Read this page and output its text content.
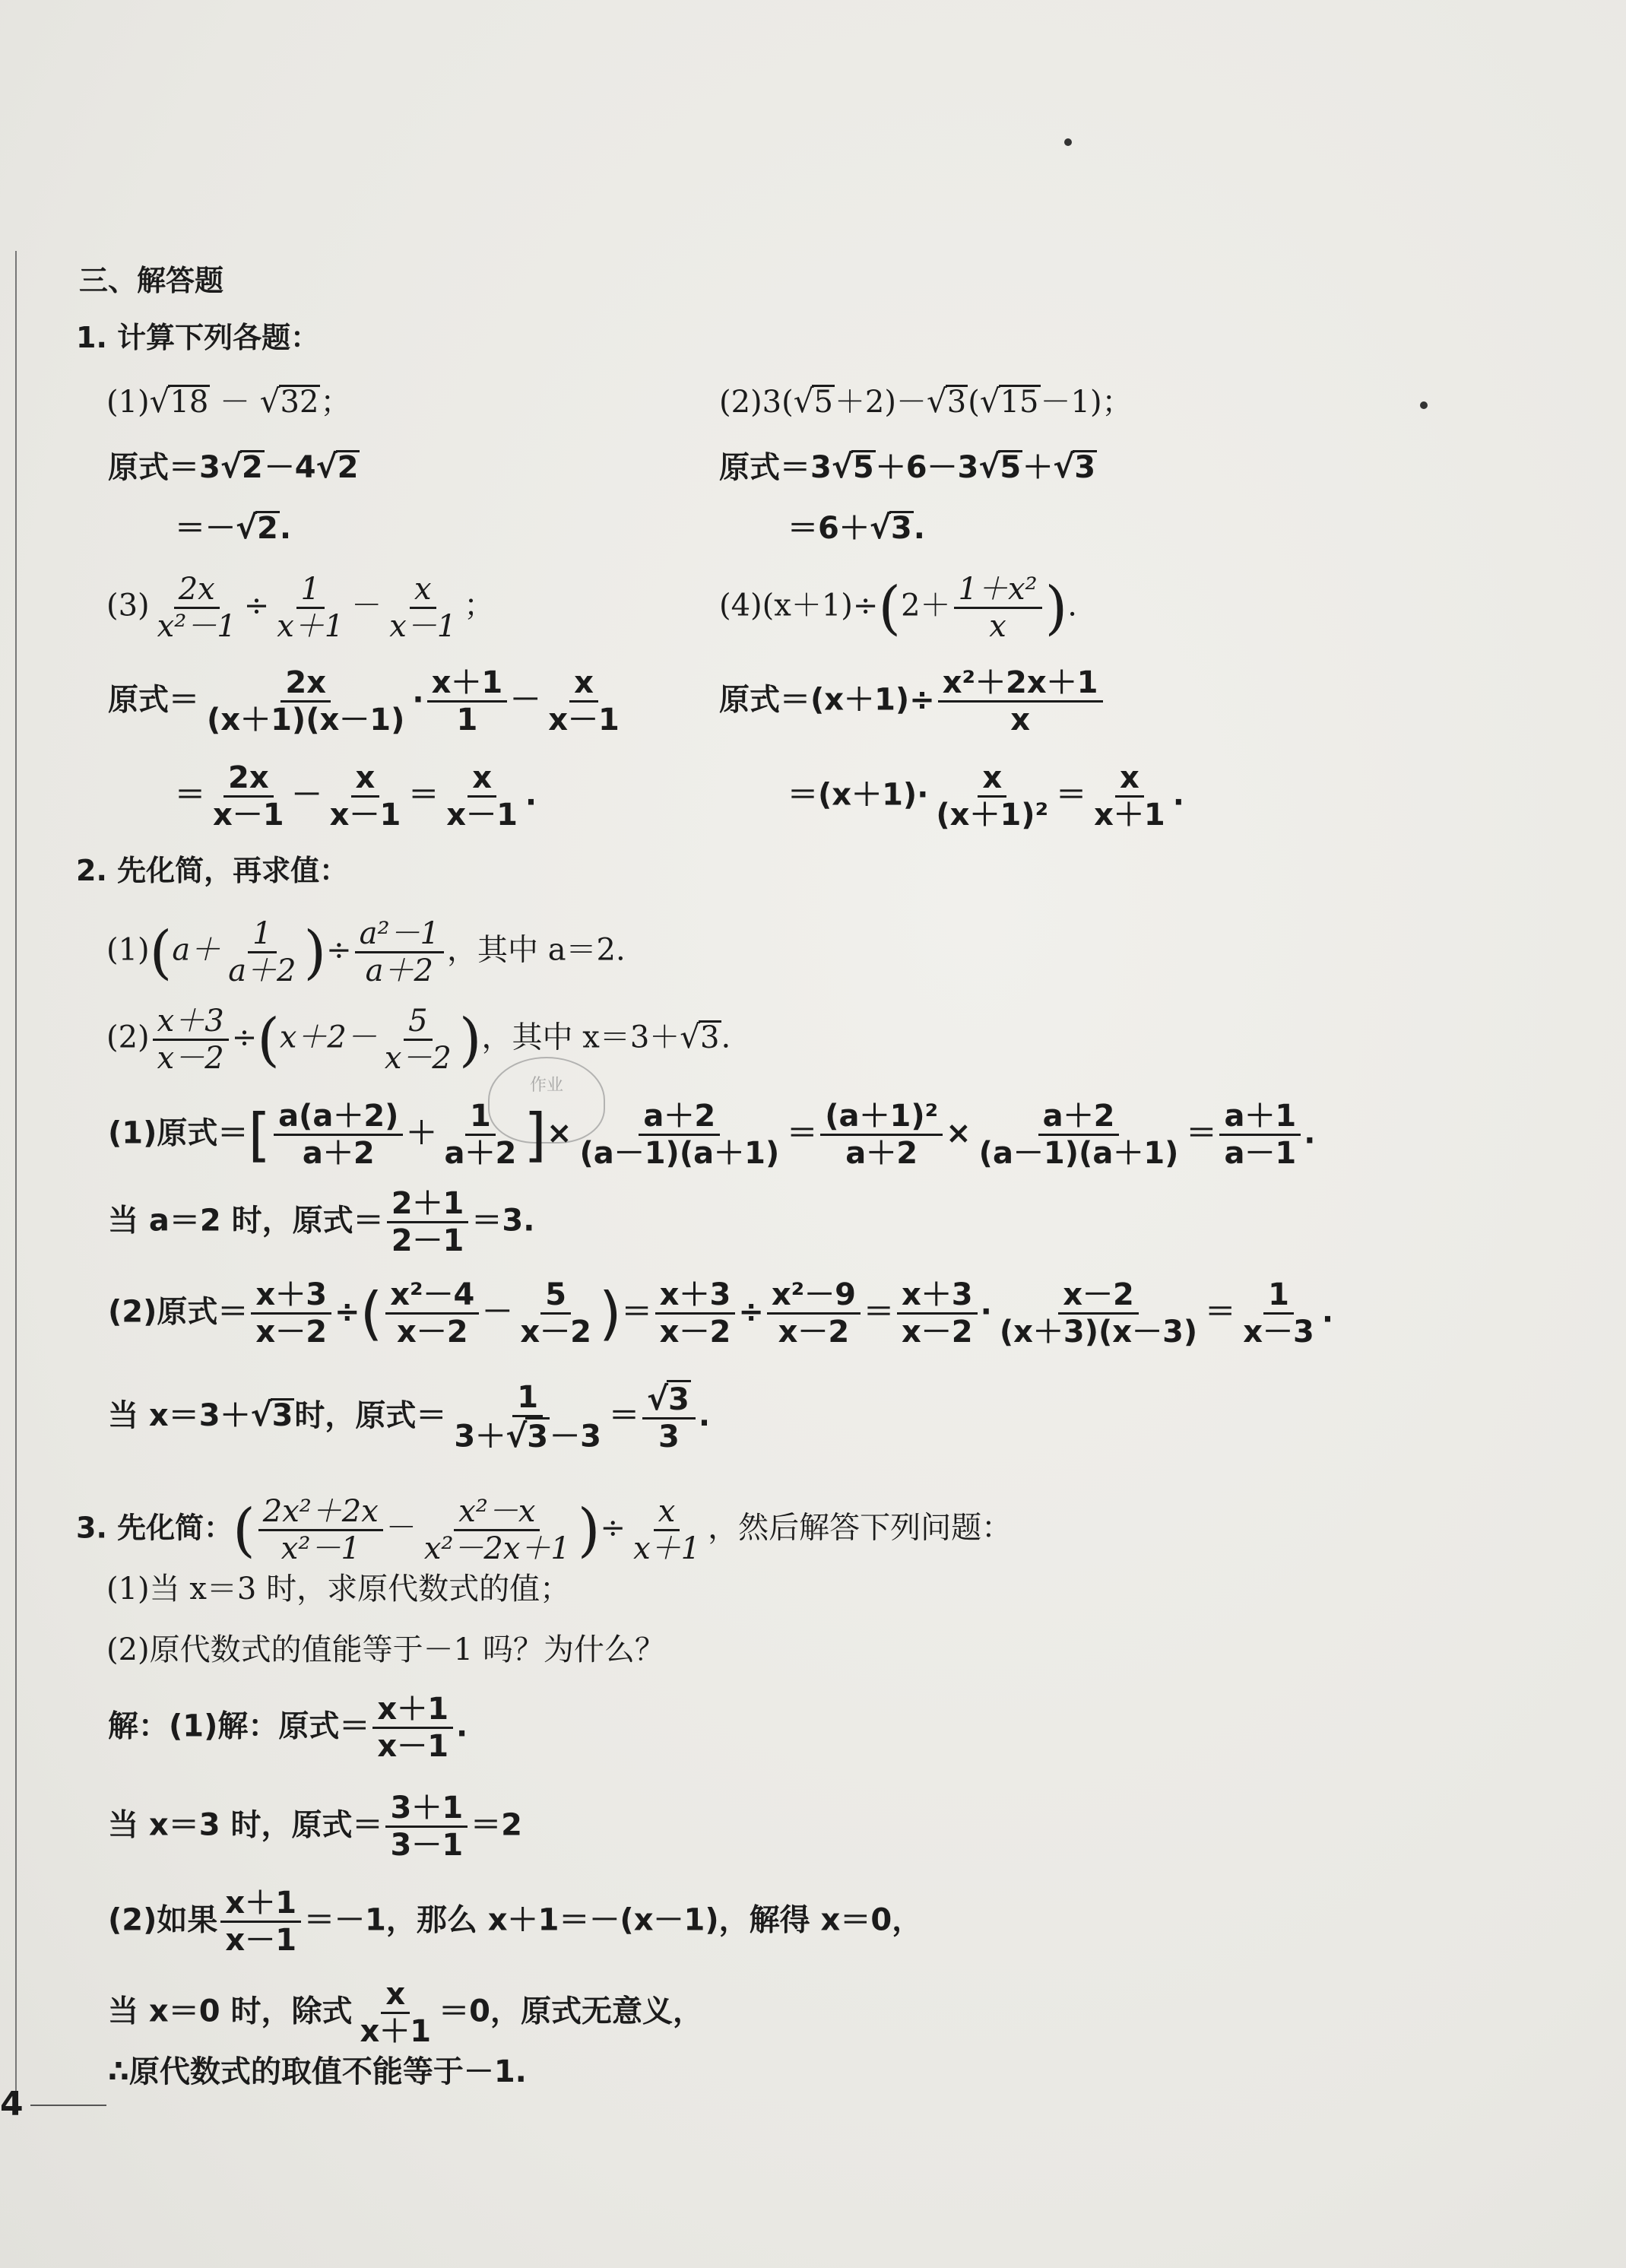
三、解答题
1. 计算下列各题：
(1) √ 18 － √ 32 ；
原式＝3 √ 2 －4 √ 2
＝－ √ 2 .
(2)3( √ 5 ＋2)－ √ 3 ( √ 15 －1)；
原式＝3 √ 5 ＋6－3 √ 5 ＋ √ 3
＝6＋ √ 3 .
$(3) \frac{2x}{\text{x²－1}} \div \frac{1}{x+1} - \frac{x}{x-1}$ ；
原式＝ $\frac{2x}{(x+1)(x-1)} \cdot \frac{x+1}{1} - \frac{x}{x-1}$
＝ $\frac{2x}{x-1} - \frac{x}{x-1} = \frac{x}{x-1}$ .
$(4)(x+1)\div(2+ \frac{\text{1＋x²}}{x}$ ).
原式$=(x+1)\div \frac{\text{x²＋2x＋1}}{x}$
$=(x+1)\cdot \frac{x}{\text{(x＋1)²}} = \frac{x}{x+1}$ .
2. 先化简，再求值：
$(1)(a+ \frac{1}{a+2}$ )÷ $\frac{\text{a²－1}}{a+2}$ ，其中 a＝2.
$(2) \frac{x+3}{x-2} \div(x+2- \frac{5}{x-2}$ )，其中 x＝3＋ √ 3 .
作业
(1)原式＝[ $\frac{a(a+2)}{a+2} + \frac{1}{a+2}$ ]× $\frac{a+2}{(a-1)(a+1)} = \frac{\text{(a＋1)²}}{a+2} \times \frac{a+2}{(a-1)(a+1)} = \frac{a+1}{a-1}$ .
当 a＝2 时，原式＝ $\frac{2+1}{2-1} =3$.
(2)原式＝ $\frac{x+3}{x-2}$ ÷( $\frac{\text{x²－4}}{x-2} - \frac{5}{x-2}$ )＝ $\frac{x+3}{x-2} \div \frac{\text{x²－9}}{x-2} = \frac{x+3}{x-2} \cdot \frac{x-2}{(x+3)(x-3)} = \frac{1}{x-3}$ .
当 x＝3＋ √ 3 时，原式＝ $\frac{1}{3+ √ 3 -3} = \frac{√ 3}{3}$ .
3. 先化简：( $\frac{\text{2x²＋2x}}{\text{x²－1}} - \frac{\text{x²－x}}{\text{x²－2x＋1}}$ )÷ $\frac{x}{x+1}$ ，然后解答下列问题：
(1)当 x＝3 时，求原代数式的值；
(2)原代数式的值能等于－1 吗？为什么？
解：(1)解：原式＝ $\frac{x+1}{x-1}$ .
当 x＝3 时，原式＝ $\frac{3+1}{3-1} =2$
(2)如果 $\frac{x+1}{x-1} =-1$，那么 x＋1＝－(x－1)，解得 x＝0，
当 x＝0 时，除式 $\frac{x}{x+1} =0$，原式无意义，
∴原代数式的取值不能等于－1.
4
